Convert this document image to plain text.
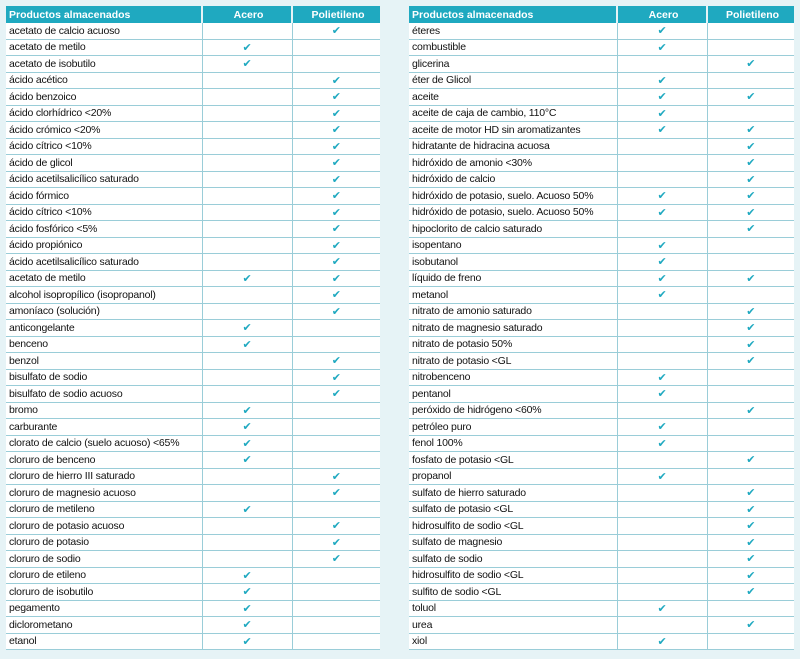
Productos almacenados	Acero	Polietileno
acetato de calcio acuoso		✔
acetato de metilo	✔	
acetato de isobutilo	✔	
ácido acético		✔
ácido benzoico		✔
ácido clorhídrico <20%		✔
ácido crómico <20%		✔
ácido cítrico <10%		✔
ácido de glicol		✔
ácido acetilsalicílico saturado		✔
ácido fórmico		✔
ácido cítrico <10%		✔
ácido fosfórico <5%		✔
ácido propiónico		✔
ácido acetilsalicílico saturado		✔
acetato de metilo	✔	✔
alcohol isopropílico (isopropanol)		✔
amoníaco (solución)		✔
anticongelante	✔	
benceno	✔	
benzol		✔
bisulfato de sodio		✔
bisulfato de sodio acuoso		✔
bromo	✔	
carburante	✔	
clorato de calcio (suelo acuoso) <65%	✔	
cloruro de benceno	✔	
cloruro de hierro III saturado		✔
cloruro de magnesio acuoso		✔
cloruro de metileno	✔	
cloruro de potasio acuoso		✔
cloruro de potasio		✔
cloruro de sodio		✔
cloruro de etileno	✔	
cloruro de isobutilo	✔	
pegamento	✔	
diclorometano	✔	
etanol	✔	
Productos almacenados	Acero	Polietileno
éteres	✔	
combustible	✔	
glicerina		✔
éter de Glicol	✔	
aceite	✔	✔
aceite de caja de cambio, 110°C	✔	
aceite de motor HD sin aromatizantes	✔	✔
hidratante de hidracina acuosa		✔
hidróxido de amonio <30%		✔
hidróxido de calcio		✔
hidróxido de potasio, suelo. Acuoso 50%	✔	✔
hidróxido de potasio, suelo. Acuoso 50%	✔	✔
hipoclorito de calcio saturado		✔
isopentano	✔	
isobutanol	✔	
líquido de freno	✔	✔
metanol	✔	
nitrato de amonio saturado		✔
nitrato de magnesio saturado		✔
nitrato de potasio 50%		✔
nitrato de potasio <GL		✔
nitrobenceno	✔	
pentanol	✔	
peróxido de hidrógeno <60%		✔
petróleo puro	✔	
fenol 100%	✔	
fosfato de potasio <GL		✔
propanol	✔	
sulfato de hierro saturado		✔
sulfato de potasio <GL		✔
hidrosulfito de sodio <GL		✔
sulfato de magnesio		✔
sulfato de sodio		✔
hidrosulfito de sodio <GL		✔
sulfito de sodio <GL		✔
toluol	✔	
urea		✔
xiol	✔	
